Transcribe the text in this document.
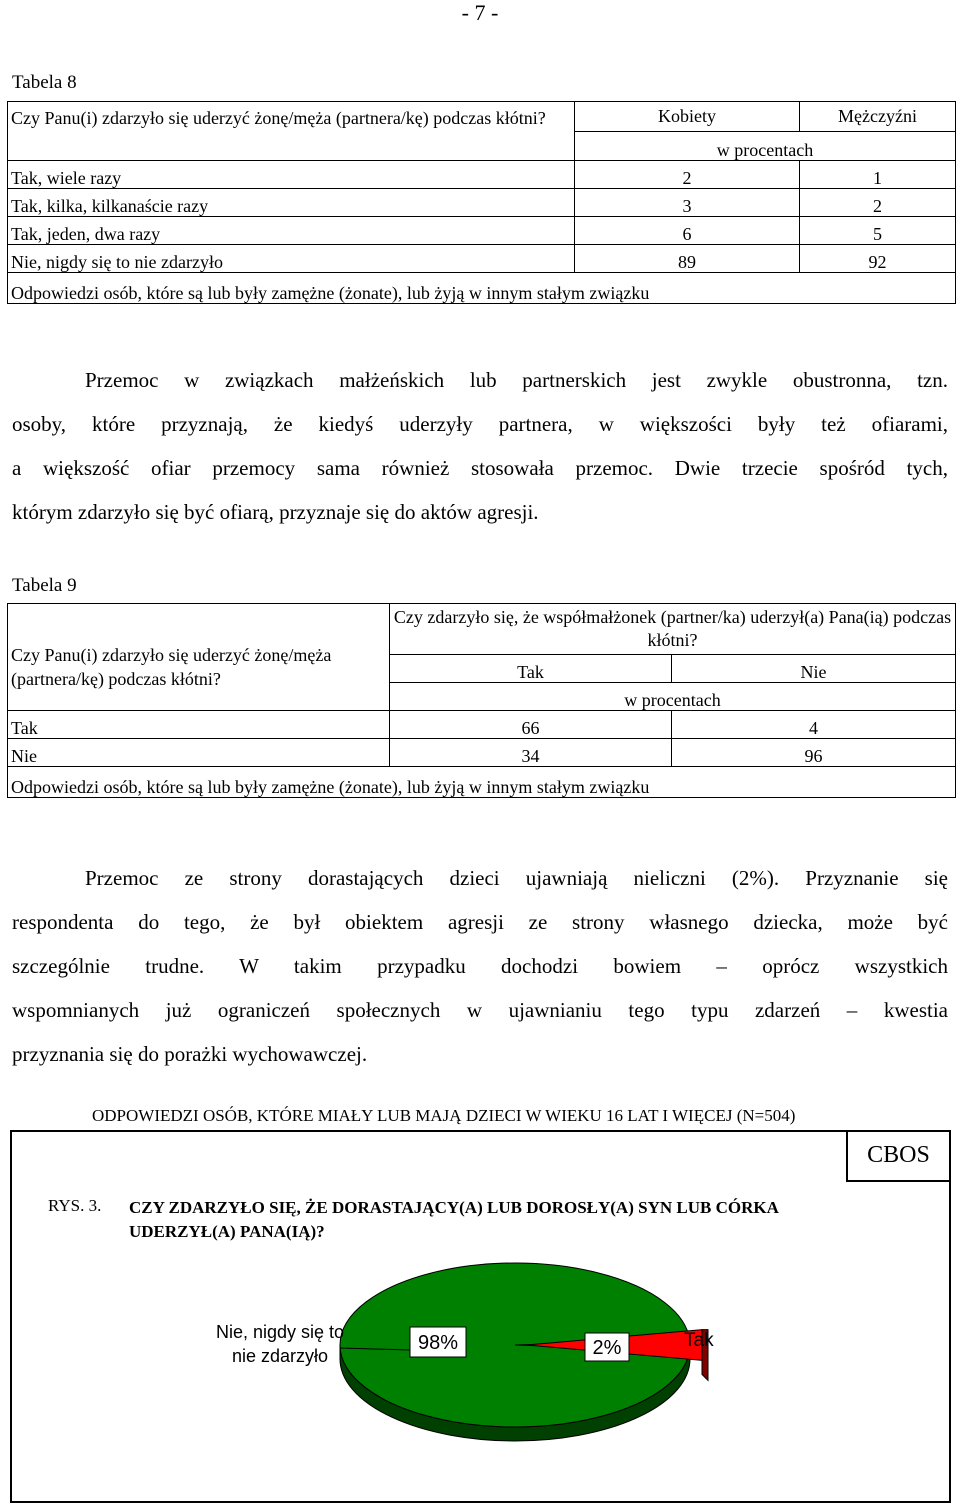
- 7 -
Tabela 8
Czy Panu(i) zdarzyło się uderzyć żonę/męża (partnera/kę) podczas kłótni?	Kobiety	Mężczyźni
	w procentach	
Tak, wiele razy	2	1
Tak, kilka, kilkanaście razy	3	2
Tak, jeden, dwa razy	6	5
Nie, nigdy się to nie zdarzyło	89	92
Odpowiedzi osób, które są lub były zamężne (żonate), lub żyją w innym stałym związku		
Przemoc w związkach małżeńskich lub partnerskich jest zwykle obustronna, tzn.
osoby, które przyznają, że kiedyś uderzyły partnera, w większości były też ofiarami,
a większość ofiar przemocy sama również stosowała przemoc. Dwie trzecie spośród tych,
którym zdarzyło się być ofiarą, przyznaje się do aktów agresji.
Tabela 9
Czy Panu(i) zdarzyło się uderzyć żonę/męża (partnera/kę) podczas kłótni?	Czy zdarzyło się, że współmałżonek (partner/ka) uderzył(a) Pana(ią) podczas kłótni?	
	Tak	Nie
	w procentach	
Tak	66	4
Nie	34	96
Odpowiedzi osób, które są lub były zamężne (żonate), lub żyją w innym stałym związku		
Przemoc ze strony dorastających dzieci ujawniają nieliczni (2%). Przyznanie się
respondenta do tego, że był obiektem agresji ze strony własnego dziecka, może być
szczególnie trudne. W takim przypadku dochodzi bowiem – oprócz wszystkich
wspomnianych już ograniczeń społecznych w ujawnianiu tego typu zdarzeń – kwestia
przyznania się do porażki wychowawczej.
ODPOWIEDZI OSÓB, KTÓRE MIAŁY LUB MAJĄ DZIECI W WIEKU 16 LAT I WIĘCEJ (N=504)
CBOS
RYS. 3. CZY ZDARZYŁO SIĘ, ŻE DORASTAJĄCY(A) LUB DOROSŁY(A) SYN LUB CÓRKA
UDERZYŁ(A) PANA(IĄ)?
98%	2%
Nie, nigdy się to
nie zdarzyło
Tak
